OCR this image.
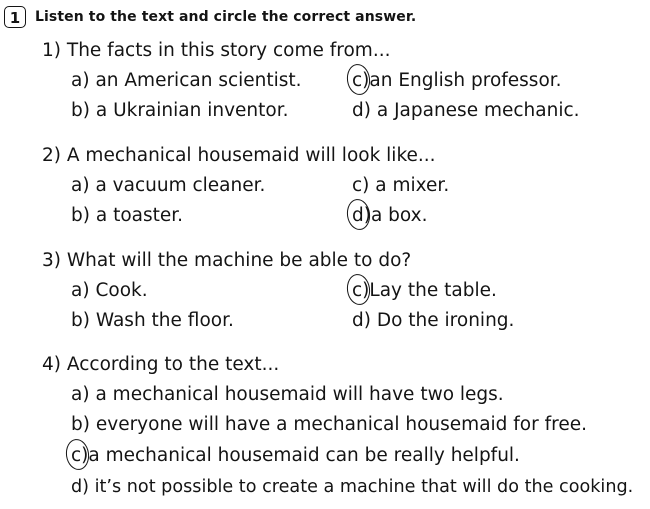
1	Listen to the text and circle the correct answer.
1) The facts in this story come from...
a) an American scientist.
b) a Ukrainian inventor.
c)an English professor.
d) a Japanese mechanic.
2) A mechanical housemaid will look like...
a) a vacuum cleaner.
b) a toaster.
c) a mixer.
d)a box.
3) What will the machine be able to do?
a) Cook.
b) Wash the floor.
c)Lay the table.
d) Do the ironing.
4) According to the text...
a) a mechanical housemaid will have two legs.
b) everyone will have a mechanical housemaid for free.
c)a mechanical housemaid can be really helpful.
d) it’s not possible to create a machine that will do the cooking.
